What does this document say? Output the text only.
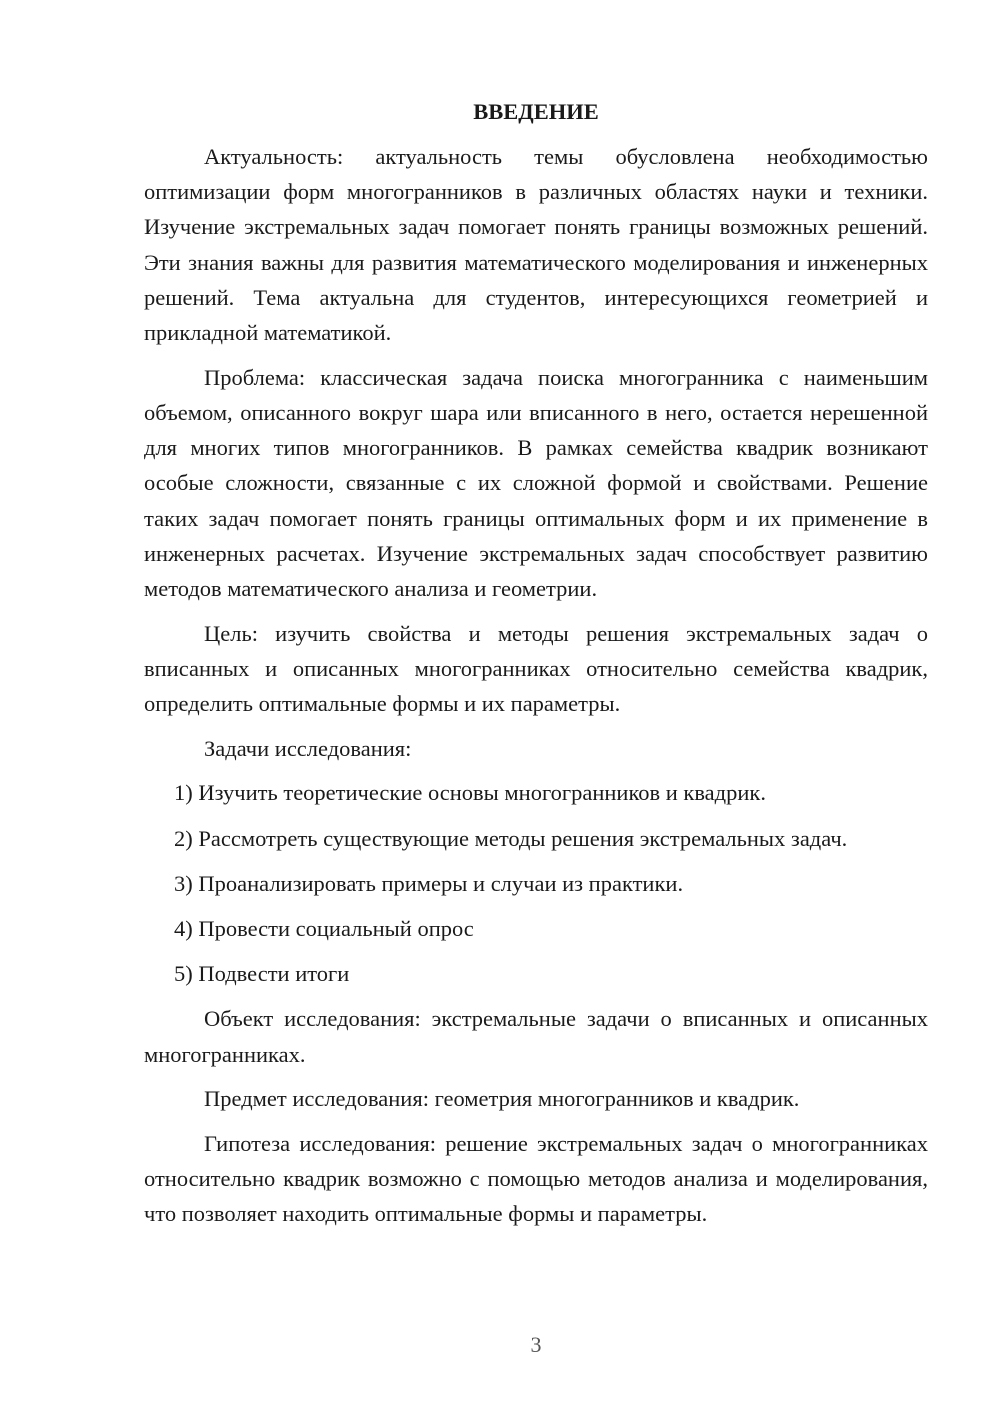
ВВЕДЕНИЕ

Актуальность: актуальность темы обусловлена необходимостью оптимизации форм многогранников в различных областях науки и техники. Изучение экстремальных задач помогает понять границы возможных решений. Эти знания важны для развития математического моделирования и инженерных решений. Тема актуальна для студентов, интересующихся геометрией и прикладной математикой.

Проблема: классическая задача поиска многогранника с наименьшим объемом, описанного вокруг шара или вписанного в него, остается нерешенной для многих типов многогранников. В рамках семейства квадрик возникают особые сложности, связанные с их сложной формой и свойствами. Решение таких задач помогает понять границы оптимальных форм и их применение в инженерных расчетах. Изучение экстремальных задач способствует развитию методов математического анализа и геометрии.

Цель: изучить свойства и методы решения экстремальных задач о вписанных и описанных многогранниках относительно семейства квадрик, определить оптимальные формы и их параметры.

Задачи исследования:

1) Изучить теоретические основы многогранников и квадрик.
2) Рассмотреть существующие методы решения экстремальных задач.
3) Проанализировать примеры и случаи из практики.
4) Провести социальный опрос
5) Подвести итоги

Объект исследования: экстремальные задачи о вписанных и описанных многогранниках.

Предмет исследования: геометрия многогранников и квадрик.

Гипотеза исследования: решение экстремальных задач о многогранниках относительно квадрик возможно с помощью методов анализа и моделирования, что позволяет находить оптимальные формы и параметры.

3
